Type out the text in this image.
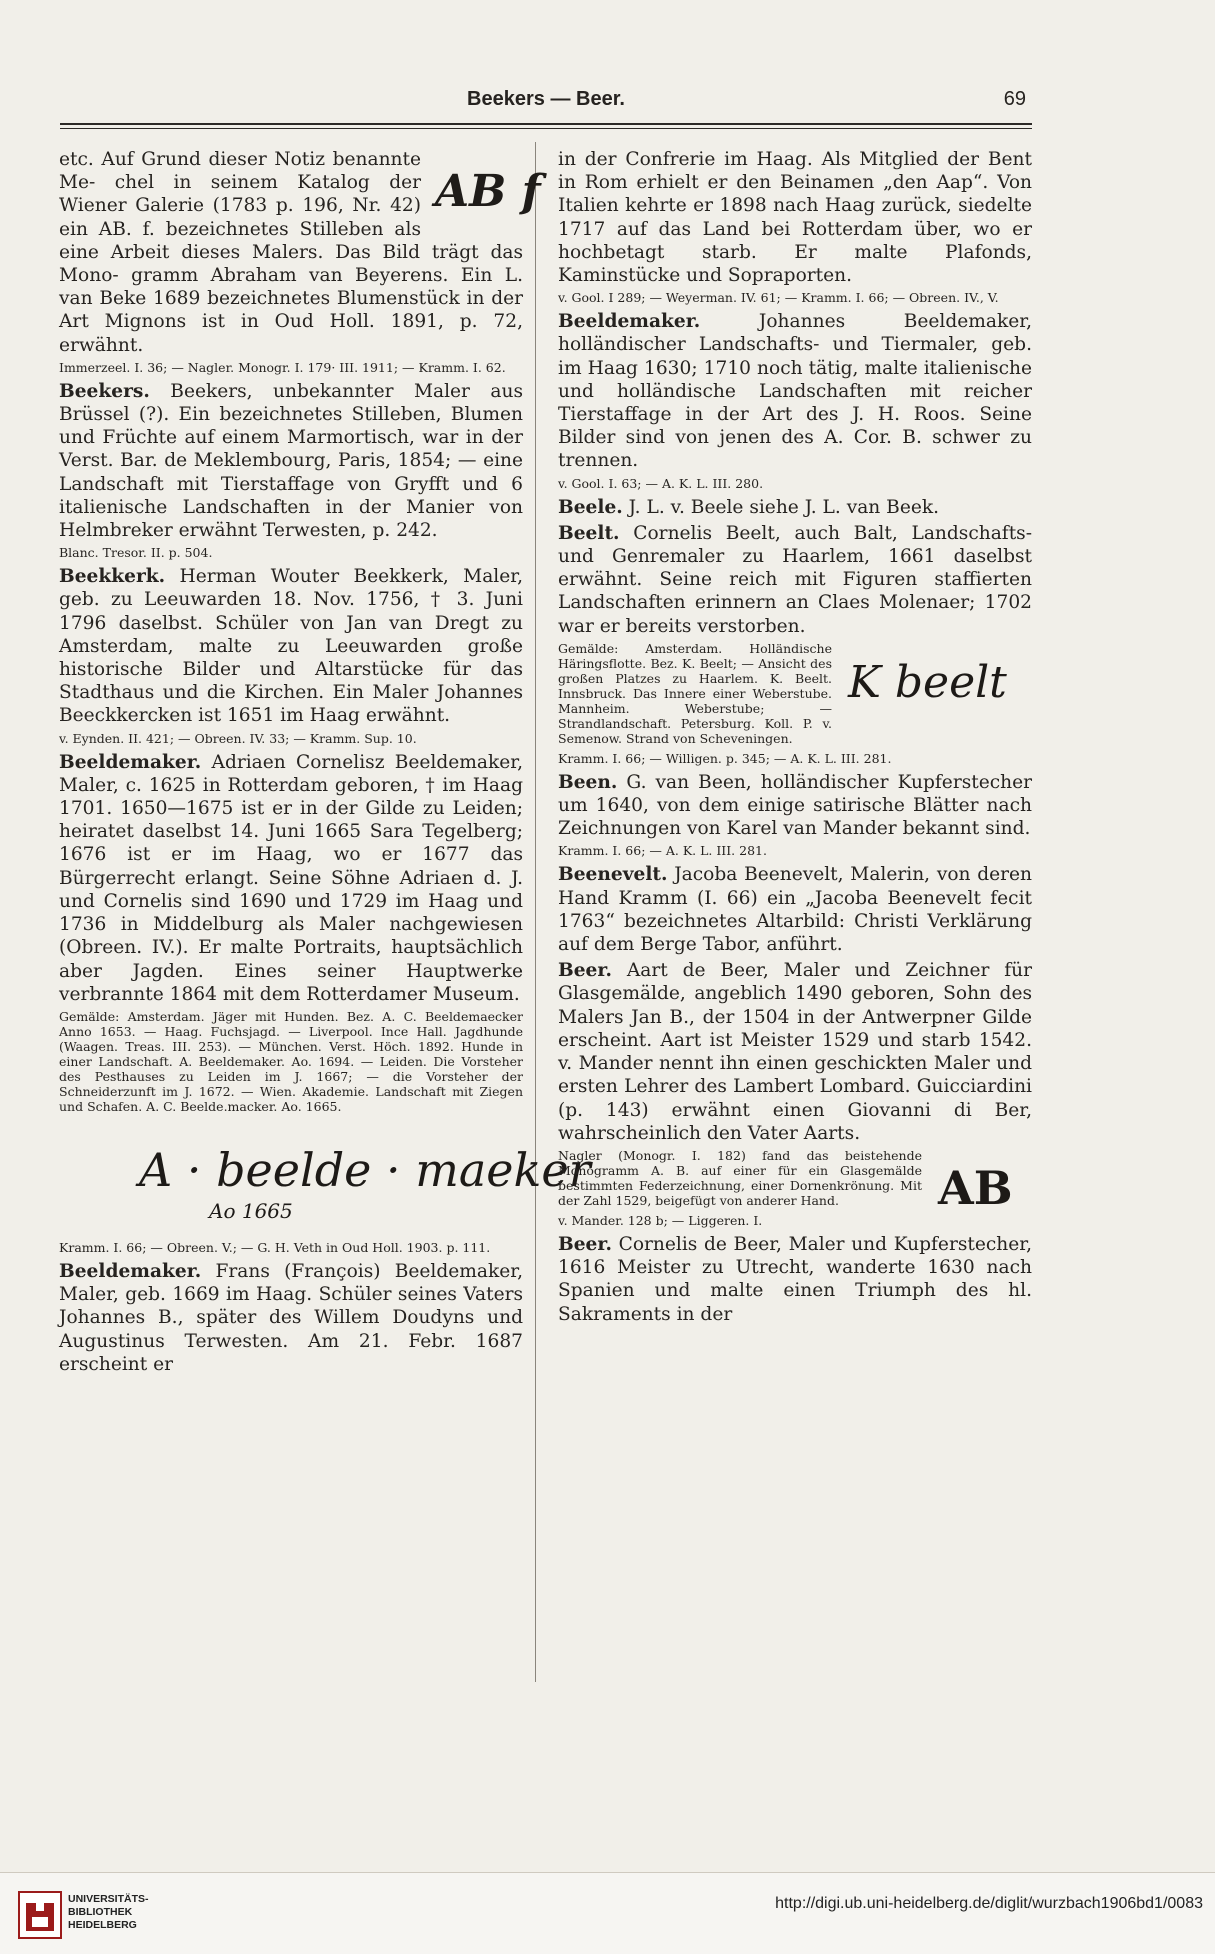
Beekers — Beer.	69
AB f
etc. Auf Grund dieser Notiz benannte Me- chel in seinem Katalog der Wiener Galerie (1783 p. 196, Nr. 42) ein AB. f. bezeichnetes Stilleben als eine Arbeit dieses Malers. Das Bild trägt das Mono- gramm Abraham van Beyerens. Ein L. van Beke 1689 bezeichnetes Blumenstück in der Art Mignons ist in Oud Holl. 1891, p. 72, erwähnt.
Immerzeel. I. 36; — Nagler. Monogr. I. 179· III. 1911; — Kramm. I. 62.
Beekers. Beekers, unbekannter Maler aus Brüssel (?). Ein bezeichnetes Stilleben, Blumen und Früchte auf einem Marmortisch, war in der Verst. Bar. de Meklembourg, Paris, 1854; — eine Landschaft mit Tierstaffage von Gryfft und 6 italienische Landschaften in der Manier von Helmbreker erwähnt Terwesten, p. 242.
Blanc. Tresor. II. p. 504.
Beekkerk. Herman Wouter Beekkerk, Maler, geb. zu Leeuwarden 18. Nov. 1756, † 3. Juni 1796 daselbst. Schüler von Jan van Dregt zu Amsterdam, malte zu Leeuwarden große historische Bilder und Altarstücke für das Stadthaus und die Kirchen. Ein Maler Johannes Beeckkercken ist 1651 im Haag erwähnt.
v. Eynden. II. 421; — Obreen. IV. 33; — Kramm. Sup. 10.
Beeldemaker. Adriaen Cornelisz Beeldemaker, Maler, c. 1625 in Rotterdam geboren, † im Haag 1701. 1650—1675 ist er in der Gilde zu Leiden; heiratet daselbst 14. Juni 1665 Sara Tegelberg; 1676 ist er im Haag, wo er 1677 das Bürgerrecht erlangt. Seine Söhne Adriaen d. J. und Cornelis sind 1690 und 1729 im Haag und 1736 in Middelburg als Maler nachgewiesen (Obreen. IV.). Er malte Portraits, hauptsächlich aber Jagden. Eines seiner Hauptwerke verbrannte 1864 mit dem Rotterdamer Museum.
Gemälde: Amsterdam. Jäger mit Hunden. Bez. A. C. Beeldemaecker Anno 1653. — Haag. Fuchsjagd. — Liverpool. Ince Hall. Jagdhunde (Waagen. Treas. III. 253). — München. Verst. Höch. 1892. Hunde in einer Landschaft. A. Beeldemaker. Ao. 1694. — Leiden. Die Vorsteher des Pesthauses zu Leiden im J. 1667; — die Vorsteher der Schneiderzunft im J. 1672. — Wien. Akademie. Landschaft mit Ziegen und Schafen. A. C. Beelde.macker. Ao. 1665.
A · beelde · maeker
Ao 1665
Kramm. I. 66; — Obreen. V.; — G. H. Veth in Oud Holl. 1903. p. 111.
Beeldemaker. Frans (François) Beeldemaker, Maler, geb. 1669 im Haag. Schüler seines Vaters Johannes B., später des Willem Doudyns und Augustinus Terwesten. Am 21. Febr. 1687 erscheint er
in der Confrerie im Haag. Als Mitglied der Bent in Rom erhielt er den Beinamen „den Aap“. Von Italien kehrte er 1898 nach Haag zurück, siedelte 1717 auf das Land bei Rotterdam über, wo er hochbetagt starb. Er malte Plafonds, Kaminstücke und Sopraporten.
v. Gool. I 289; — Weyerman. IV. 61; — Kramm. I. 66; — Obreen. IV., V.
Beeldemaker.	Johannes Beeldemaker, holländischer Landschafts- und Tiermaler, geb. im Haag 1630; 1710 noch tätig, malte italienische und holländische Landschaften mit reicher Tierstaffage in der Art des J. H. Roos. Seine Bilder sind von jenen des A. Cor. B. schwer zu trennen.
v. Gool. I. 63; — A. K. L. III. 280.
Beele. J. L. v. Beele siehe J. L. van Beek.
Beelt. Cornelis Beelt, auch Balt, Landschafts- und Genremaler zu Haarlem, 1661 daselbst erwähnt. Seine reich mit Figuren staffierten Landschaften erinnern an Claes Molenaer; 1702 war er bereits verstorben.
K beelt
Gemälde: Amsterdam. Holländische Häringsflotte. Bez. K. Beelt; — Ansicht des großen Platzes zu Haarlem. K. Beelt. Innsbruck. Das Innere einer Weberstube. Mannheim. Weberstube; — Strandlandschaft. Petersburg. Koll. P. v. Semenow. Strand von Scheveningen.
Kramm. I. 66; — Willigen. p. 345; — A. K. L. III. 281.
Been. G. van Been, holländischer Kupferstecher um 1640, von dem einige satirische Blätter nach Zeichnungen von Karel van Mander bekannt sind.
Kramm. I. 66; — A. K. L. III. 281.
Beenevelt. Jacoba Beenevelt, Malerin, von deren Hand Kramm (I. 66) ein „Jacoba Beenevelt fecit 1763“ bezeichnetes Altarbild: Christi Verklärung auf dem Berge Tabor, anführt.
Beer. Aart de Beer, Maler und Zeichner für Glasgemälde, angeblich 1490 geboren, Sohn des Malers Jan B., der 1504 in der Antwerpner Gilde erscheint. Aart ist Meister 1529 und starb 1542. v. Mander nennt ihn einen geschickten Maler und ersten Lehrer des Lambert Lombard. Guicciardini (p. 143) erwähnt einen Giovanni di Ber, wahrscheinlich den Vater Aarts.
AB
Nagler (Monogr. I. 182) fand das beistehende Monogramm A. B. auf einer für ein Glasgemälde bestimmten Federzeichnung, einer Dornenkrönung. Mit der Zahl 1529, beigefügt von anderer Hand.
v. Mander. 128 b; — Liggeren. I.
Beer. Cornelis de Beer, Maler und Kupferstecher, 1616 Meister zu Utrecht, wanderte 1630 nach Spanien und malte einen Triumph des hl. Sakraments in der
UNIVERSITÄTS-
BIBLIOTHEK
HEIDELBERG
http://digi.ub.uni-heidelberg.de/diglit/wurzbach1906bd1/0083
